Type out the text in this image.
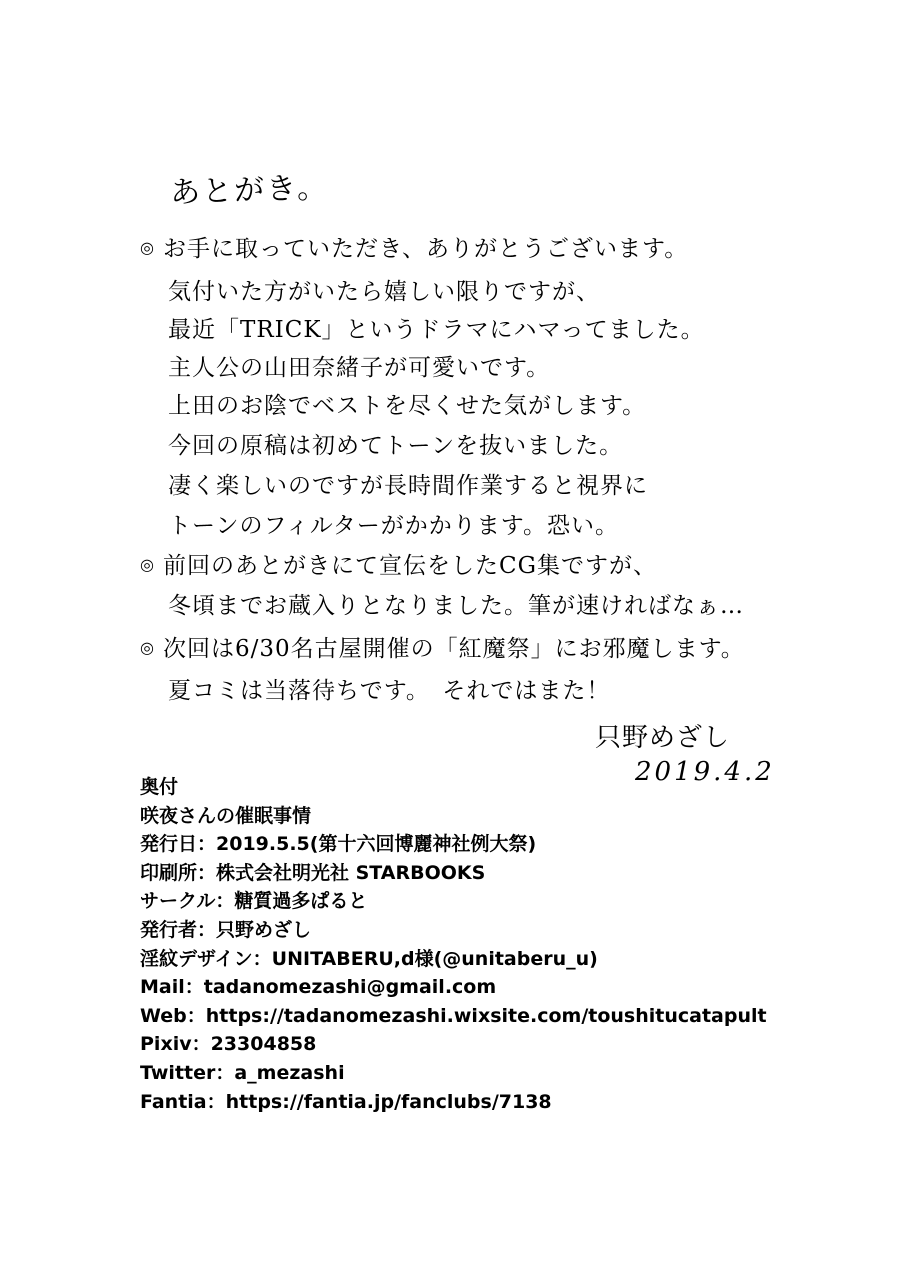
あとがき。
◎ お手に取っていただき、ありがとうございます。
気付いた方がいたら嬉しい限りですが、
最近「TRICK」というドラマにハマってました。
主人公の山田奈緒子が可愛いです。
上田のお陰でベストを尽くせた気がします。
今回の原稿は初めてトーンを抜いました。
凄く楽しいのですが長時間作業すると視界に
トーンのフィルターがかかります。恐い。
◎ 前回のあとがきにて宣伝をしたCG集ですが、
冬頃までお蔵入りとなりました。筆が速ければなぁ…
◎ 次回は6/30名古屋開催の「紅魔祭」にお邪魔します。
夏コミは当落待ちです。　それではまた！
只野めざし
2019.4.2
奥付
咲夜さんの催眠事情
発行日：2019.5.5(第十六回博麗神社例大祭)
印刷所：株式会社明光社 STARBOOKS
サークル：糖質過多ぱると
発行者：只野めざし
淫紋デザイン：UNITABERU,d様(@unitaberu_u)
Mail：tadanomezashi@gmail.com
Web：https://tadanomezashi.wixsite.com/toushitucatapult
Pixiv：23304858
Twitter：a_mezashi
Fantia：https://fantia.jp/fanclubs/7138
